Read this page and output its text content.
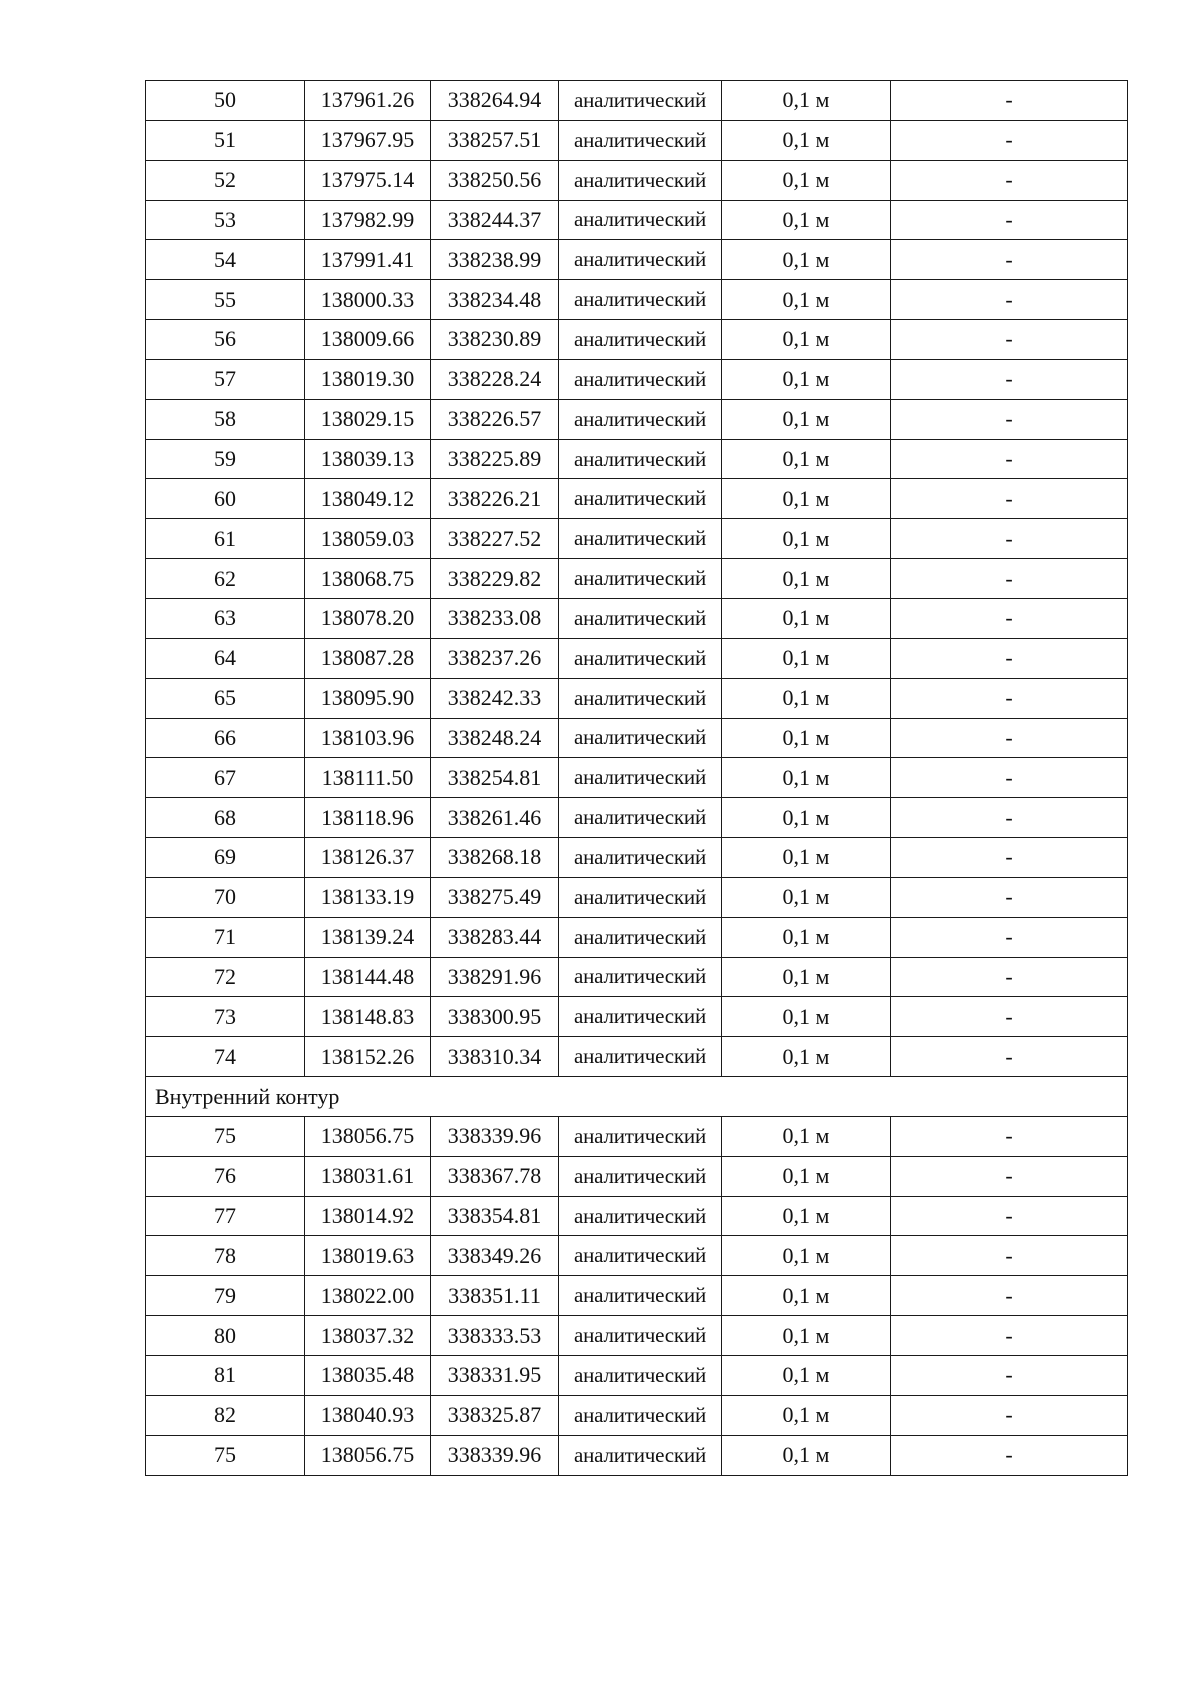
50	137961.26	338264.94	аналитический	0,1 м	-
51	137967.95	338257.51	аналитический	0,1 м	-
52	137975.14	338250.56	аналитический	0,1 м	-
53	137982.99	338244.37	аналитический	0,1 м	-
54	137991.41	338238.99	аналитический	0,1 м	-
55	138000.33	338234.48	аналитический	0,1 м	-
56	138009.66	338230.89	аналитический	0,1 м	-
57	138019.30	338228.24	аналитический	0,1 м	-
58	138029.15	338226.57	аналитический	0,1 м	-
59	138039.13	338225.89	аналитический	0,1 м	-
60	138049.12	338226.21	аналитический	0,1 м	-
61	138059.03	338227.52	аналитический	0,1 м	-
62	138068.75	338229.82	аналитический	0,1 м	-
63	138078.20	338233.08	аналитический	0,1 м	-
64	138087.28	338237.26	аналитический	0,1 м	-
65	138095.90	338242.33	аналитический	0,1 м	-
66	138103.96	338248.24	аналитический	0,1 м	-
67	138111.50	338254.81	аналитический	0,1 м	-
68	138118.96	338261.46	аналитический	0,1 м	-
69	138126.37	338268.18	аналитический	0,1 м	-
70	138133.19	338275.49	аналитический	0,1 м	-
71	138139.24	338283.44	аналитический	0,1 м	-
72	138144.48	338291.96	аналитический	0,1 м	-
73	138148.83	338300.95	аналитический	0,1 м	-
74	138152.26	338310.34	аналитический	0,1 м	-
Внутренний контур					
75	138056.75	338339.96	аналитический	0,1 м	-
76	138031.61	338367.78	аналитический	0,1 м	-
77	138014.92	338354.81	аналитический	0,1 м	-
78	138019.63	338349.26	аналитический	0,1 м	-
79	138022.00	338351.11	аналитический	0,1 м	-
80	138037.32	338333.53	аналитический	0,1 м	-
81	138035.48	338331.95	аналитический	0,1 м	-
82	138040.93	338325.87	аналитический	0,1 м	-
75	138056.75	338339.96	аналитический	0,1 м	-
